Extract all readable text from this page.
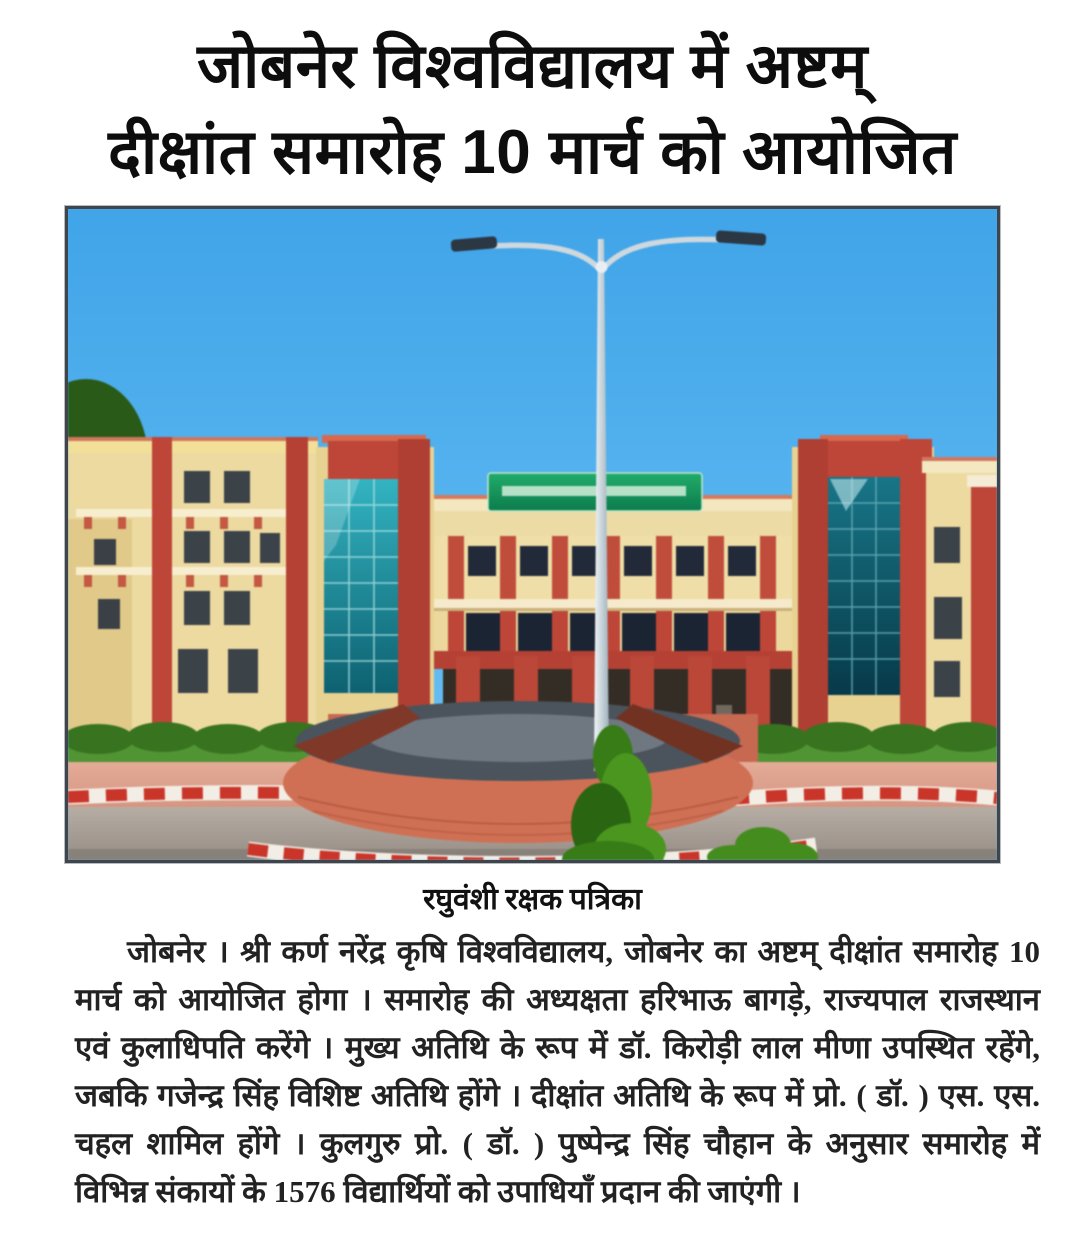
जोबनेर विश्वविद्यालय में अष्टम्
दीक्षांत समारोह 10 मार्च को आयोजित
रघुवंशी रक्षक पत्रिका
जोबनेर । श्री कर्ण नरेंद्र कृषि विश्वविद्यालय, जोबनेर का अष्टम् दीक्षांत समारोह 10
मार्च को आयोजित होगा । समारोह की अध्यक्षता हरिभाऊ बागड़े, राज्यपाल राजस्थान
एवं कुलाधिपति करेंगे । मुख्य अतिथि के रूप में डॉ. किरोड़ी लाल मीणा उपस्थित रहेंगे,
जबकि गजेन्द्र सिंह विशिष्ट अतिथि होंगे । दीक्षांत अतिथि के रूप में प्रो. ( डॉ. ) एस. एस.
चहल शामिल होंगे । कुलगुरु प्रो. ( डॉ. ) पुष्पेन्द्र सिंह चौहान के अनुसार समारोह में
विभिन्न संकायों के 1576 विद्यार्थियों को उपाधियाँ प्रदान की जाएंगी ।
